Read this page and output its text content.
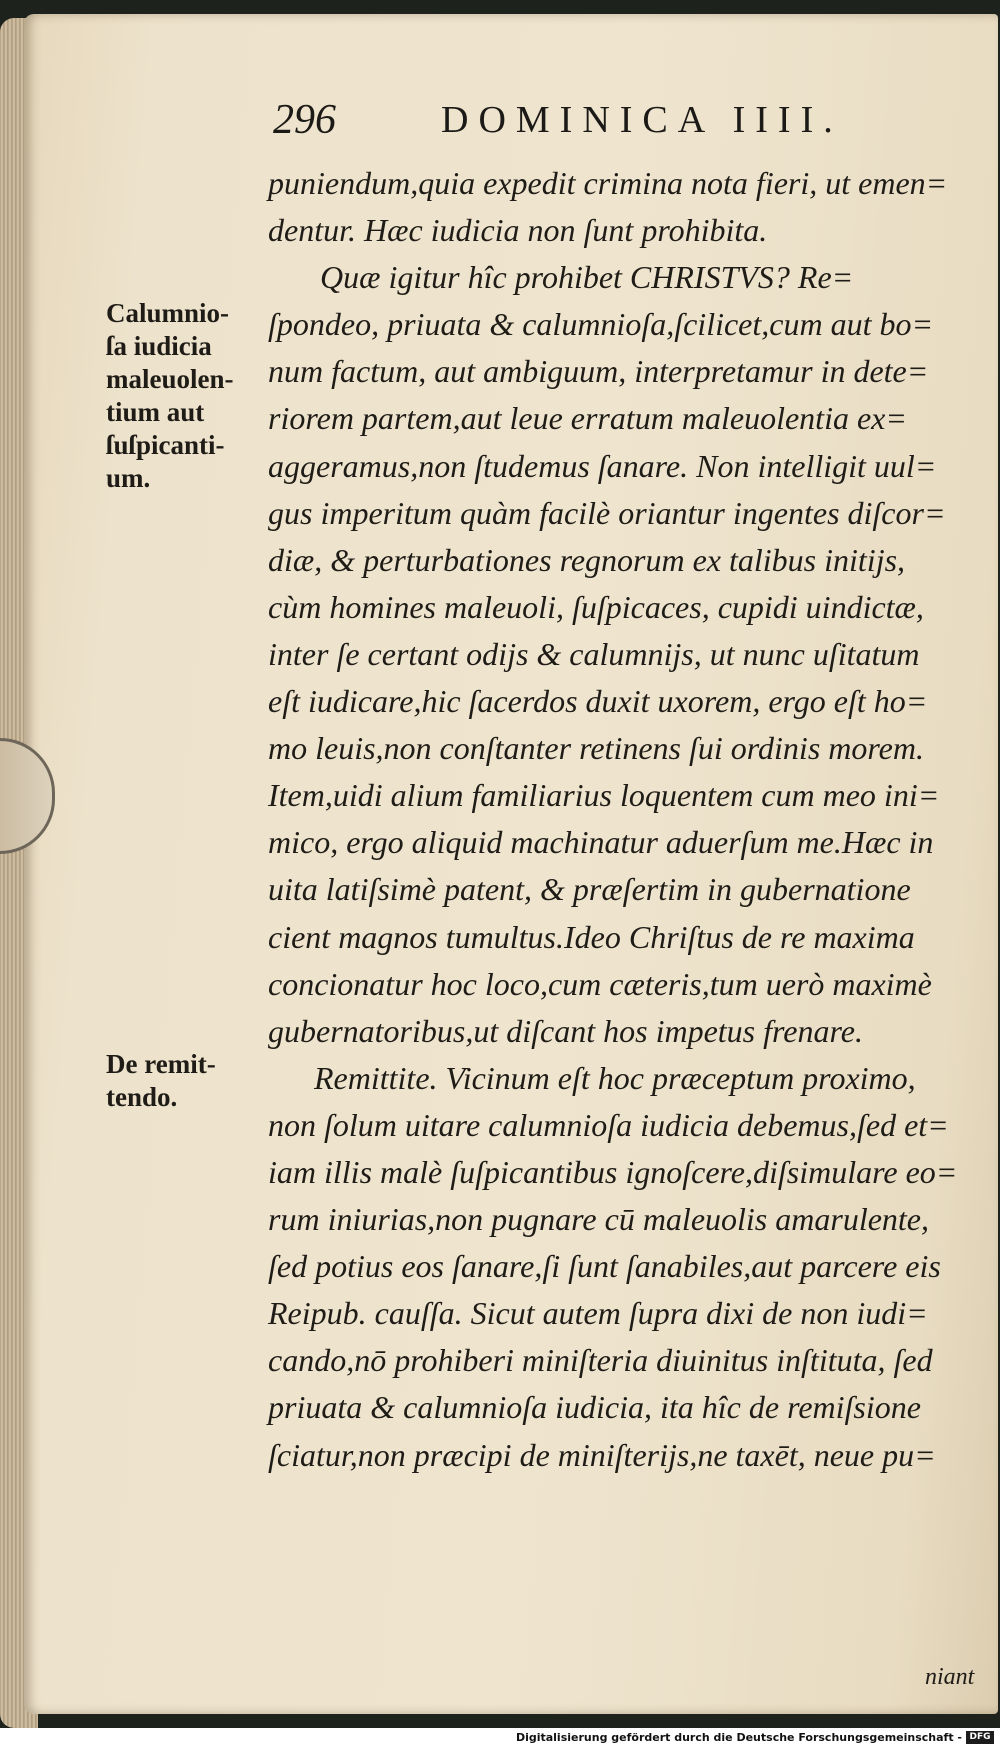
296	DOMINICA IIII.
Calumnio-
ſa iudicia
maleuolen-
tium aut
ſuſpicanti-
um.
De remit-
tendo.
puniendum,quia expedit crimina nota fieri, ut emen=
dentur. Hæc iudicia non ſunt prohibita.
Quæ igitur hîc prohibet CHRISTVS? Re=
ſpondeo, priuata & calumnioſa,ſcilicet,cum aut bo=
num factum, aut ambiguum, interpretamur in dete=
riorem partem,aut leue erratum maleuolentia ex=
aggeramus,non ſtudemus ſanare. Non intelligit uul=
gus imperitum quàm facilè oriantur ingentes diſcor=
diæ, & perturbationes regnorum ex talibus initijs,
cùm homines maleuoli, ſuſpicaces, cupidi uindictæ,
inter ſe certant odijs & calumnijs, ut nunc uſitatum
eſt iudicare,hic ſacerdos duxit uxorem, ergo eſt ho=
mo leuis,non conſtanter retinens ſui ordinis morem.
Item,uidi alium familiarius loquentem cum meo ini=
mico, ergo aliquid machinatur aduerſum me.Hæc in
uita latiſsimè patent, & præſertim in gubernatione
cient magnos tumultus.Ideo Chriſtus de re maxima
concionatur hoc loco,cum cæteris,tum uerò maximè
gubernatoribus,ut diſcant hos impetus frenare.
Remittite. Vicinum eſt hoc præceptum proximo,
non ſolum uitare calumnioſa iudicia debemus,ſed et=
iam illis malè ſuſpicantibus ignoſcere,diſsimulare eo=
rum iniurias,non pugnare cū maleuolis amarulente,
ſed potius eos ſanare,ſi ſunt ſanabiles,aut parcere eis
Reipub. cauſſa. Sicut autem ſupra dixi de non iudi=
cando,nō prohiberi miniſteria diuinitus inſtituta, ſed
priuata & calumnioſa iudicia, ita hîc de remiſsione
ſciatur,non præcipi de miniſterijs,ne taxēt, neue pu=
niant
Digitalisierung gefördert durch die Deutsche Forschungsgemeinschaft - DFG
